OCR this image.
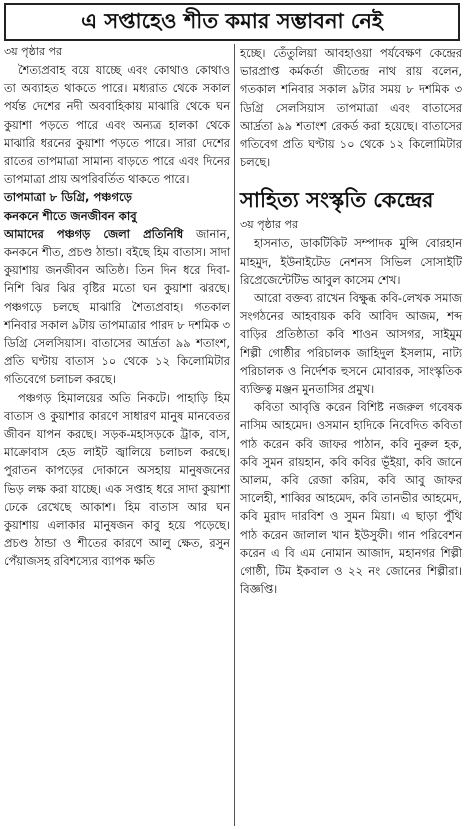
এ সপ্তাহেও শীত কমার সম্ভাবনা নেই
৩য় পৃষ্ঠার পর

শৈত্যপ্রবাহ বয়ে যাচ্ছে এবং কোথাও কোথাও তা অব্যাহত থাকতে পারে। মধ্যরাত থেকে সকাল পর্যন্ত দেশের নদী অববাহিকায় মাঝারি থেকে ঘন কুয়াশা পড়তে পারে এবং অন্যত্র হালকা থেকে মাঝারি ধরনের কুয়াশা পড়তে পারে। সারা দেশের রাতের তাপমাত্রা সামান্য বাড়তে পারে এবং দিনের তাপমাত্রা প্রায় অপরিবর্তিত থাকতে পারে।

তাপমাত্রা ৮ ডিগ্রি, পঞ্চগড়ে
কনকনে শীতে জনজীবন কাবু

আমাদের পঞ্চগড় জেলা প্রতিনিধি জানান, কনকনে শীত, প্রচণ্ড ঠান্ডা। বইছে হিম বাতাস। সাদা কুয়াশায় জনজীবন অতিষ্ঠ। তিন দিন ধরে দিবা-নিশি ঝির ঝির বৃষ্টির মতো ঘন কুয়াশা ঝরছে। পঞ্চগড়ে চলছে মাঝারি শৈত্যপ্রবাহ। গতকাল শনিবার সকাল ৯টায় তাপমাত্রার পারদ ৮ দশমিক ৩ ডিগ্রি সেলসিয়াস। বাতাসের আর্দ্রতা ৯৯ শতাংশ, প্রতি ঘণ্টায় বাতাস ১০ থেকে ১২ কিলোমিটার গতিবেগে চলাচল করছে।

পঞ্চগড় হিমালয়ের অতি নিকটে। পাহাড়ি হিম বাতাস ও কুয়াশার কারণে সাধারণ মানুষ মানবেতর জীবন যাপন করছে। সড়ক-মহাসড়কে ট্রাক, বাস, মাক্রোবাস হেড লাইট জ্বালিয়ে চলাচল করছে। পুরাতন কাপড়ের দোকানে অসহায় মানুষজনের ভিড় লক্ষ করা যাচ্ছে। এক সপ্তাহ ধরে সাদা কুয়াশা ঢেকে রেখেছে আকাশ। হিম বাতাস আর ঘন কুয়াশায় এলাকার মানুষজন কাবু হয়ে পড়েছে। প্রচণ্ড ঠান্ডা ও শীতের কারণে আলু ক্ষেত, রসুন পেঁয়াজসহ রবিশস্যের ব্যাপক ক্ষতি

হচ্ছে। তেঁতুলিয়া আবহাওয়া পর্যবেক্ষণ কেন্দ্রের ভারপ্রাপ্ত কর্মকর্তা জীতেন্দ্র নাথ রায় বলেন, গতকাল শনিবার সকাল ৯টার সময় ৮ দশমিক ৩ ডিগ্রি সেলসিয়াস তাপমাত্রা এবং বাতাসের আর্দ্রতা ৯৯ শতাংশ রেকর্ড করা হয়েছে। বাতাসের গতিবেগ প্রতি ঘণ্টায় ১০ থেকে ১২ কিলোমিটার চলছে।

সাহিত্য সংস্কৃতি কেন্দ্রের
৩য় পৃষ্ঠার পর

হাসনাত, ডাকটিকিট সম্পাদক মুন্সি বোরহান মাহমুদ, ইউনাইটেড নেশনস সিভিল সোসাইটি রিপ্রেজেন্টেটিভ আবুল কাসেম শেখ।

আরো বক্তব্য রাখেন বিক্ষুব্ধ কবি-লেখক সমাজ সংগঠনের আহবায়ক কবি আবিদ আজম, শব্দ বাড়ির প্রতিষ্ঠাতা কবি শাওন আসগর, সাইমুম শিল্পী গোষ্ঠীর পরিচালক জাহিদুল ইসলাম, নাট্য পরিচালক ও নির্দেশক হুসনে মোবারক, সাংস্কৃতিক ব্যক্তিত্ব মঞ্জন মুনতাসির প্রমুখ।

কবিতা আবৃত্তি করেন বিশিষ্ট নজরুল গবেষক নাসিম আহমেদ। ওসমান হাদিকে নিবেদিত কবিতা পাঠ করেন কবি জাফর পাঠান, কবি নুরুল হক, কবি সুমন রায়হান, কবি কবির ভূঁইয়া, কবি জানে আলম, কবি রেজা করিম, কবি আবু জাফর সালেহী, শাব্বির আহমেদ, কবি তানভীর আহমেদ, কবি মুরাদ দারবিশ ও সুমন মিয়া। এ ছাড়া পুঁথি পাঠ করেন জালাল খান ইউসুফী। গান পরিবেশন করেন এ বি এম নোমান আজাদ, মহানগর শিল্পী গোষ্ঠী, টিম ইকবাল ও ২২ নং জোনের শিল্পীরা। বিজ্ঞপ্তি।
